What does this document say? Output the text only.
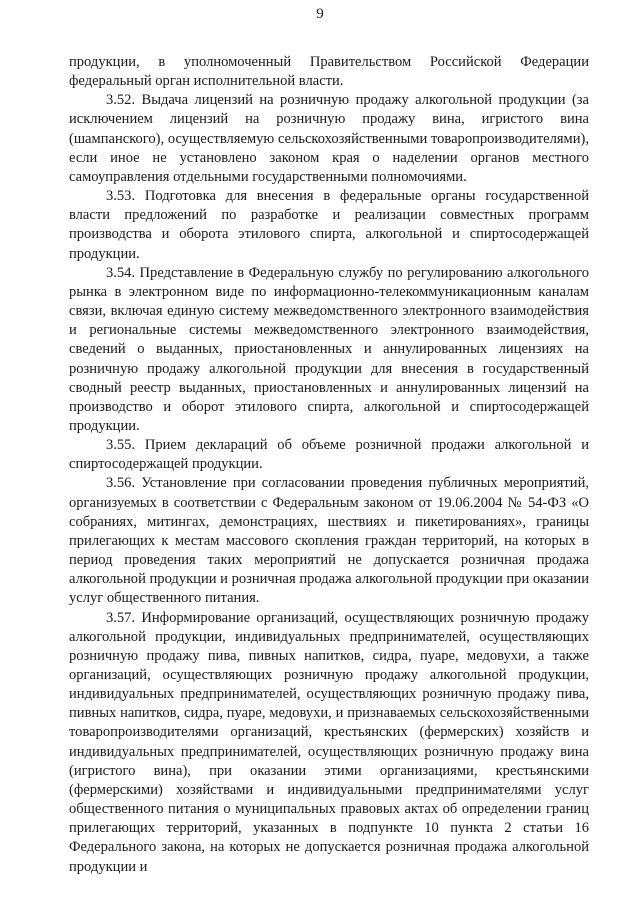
9

продукции, в уполномоченный Правительством Российской Федерации федеральный орган исполнительной власти.

3.52. Выдача лицензий на розничную продажу алкогольной продукции (за исключением лицензий на розничную продажу вина, игристого вина (шампанского), осуществляемую сельскохозяйственными товаропроизводителями), если иное не установлено законом края о наделении органов местного самоуправления отдельными государственными полномочиями.

3.53. Подготовка для внесения в федеральные органы государственной власти предложений по разработке и реализации совместных программ производства и оборота этилового спирта, алкогольной и спиртосодержащей продукции.

3.54. Представление в Федеральную службу по регулированию алкогольного рынка в электронном виде по информационно-телекоммуникационным каналам связи, включая единую систему межведомственного электронного взаимодействия и региональные системы межведомственного электронного взаимодействия, сведений о выданных, приостановленных и аннулированных лицензиях на розничную продажу алкогольной продукции для внесения в государственный сводный реестр выданных, приостановленных и аннулированных лицензий на производство и оборот этилового спирта, алкогольной и спиртосодержащей продукции.

3.55. Прием деклараций об объеме розничной продажи алкогольной и спиртосодержащей продукции.

3.56. Установление при согласовании проведения публичных мероприятий, организуемых в соответствии с Федеральным законом от 19.06.2004 № 54-ФЗ «О собраниях, митингах, демонстрациях, шествиях и пикетированиях», границы прилегающих к местам массового скопления граждан территорий, на которых в период проведения таких мероприятий не допускается розничная продажа алкогольной продукции и розничная продажа алкогольной продукции при оказании услуг общественного питания.

3.57. Информирование организаций, осуществляющих розничную продажу алкогольной продукции, индивидуальных предпринимателей, осуществляющих розничную продажу пива, пивных напитков, сидра, пуаре, медовухи, а также организаций, осуществляющих розничную продажу алкогольной продукции, индивидуальных предпринимателей, осуществляющих розничную продажу пива, пивных напитков, сидра, пуаре, медовухи, и признаваемых сельскохозяйственными товаропроизводителями организаций, крестьянских (фермерских) хозяйств и индивидуальных предпринимателей, осуществляющих розничную продажу вина (игристого вина), при оказании этими организациями, крестьянскими (фермерскими) хозяйствами и индивидуальными предпринимателями услуг общественного питания о муниципальных правовых актах об определении границ прилегающих территорий, указанных в подпункте 10 пункта 2 статьи 16 Федерального закона, на которых не допускается розничная продажа алкогольной продукции и
